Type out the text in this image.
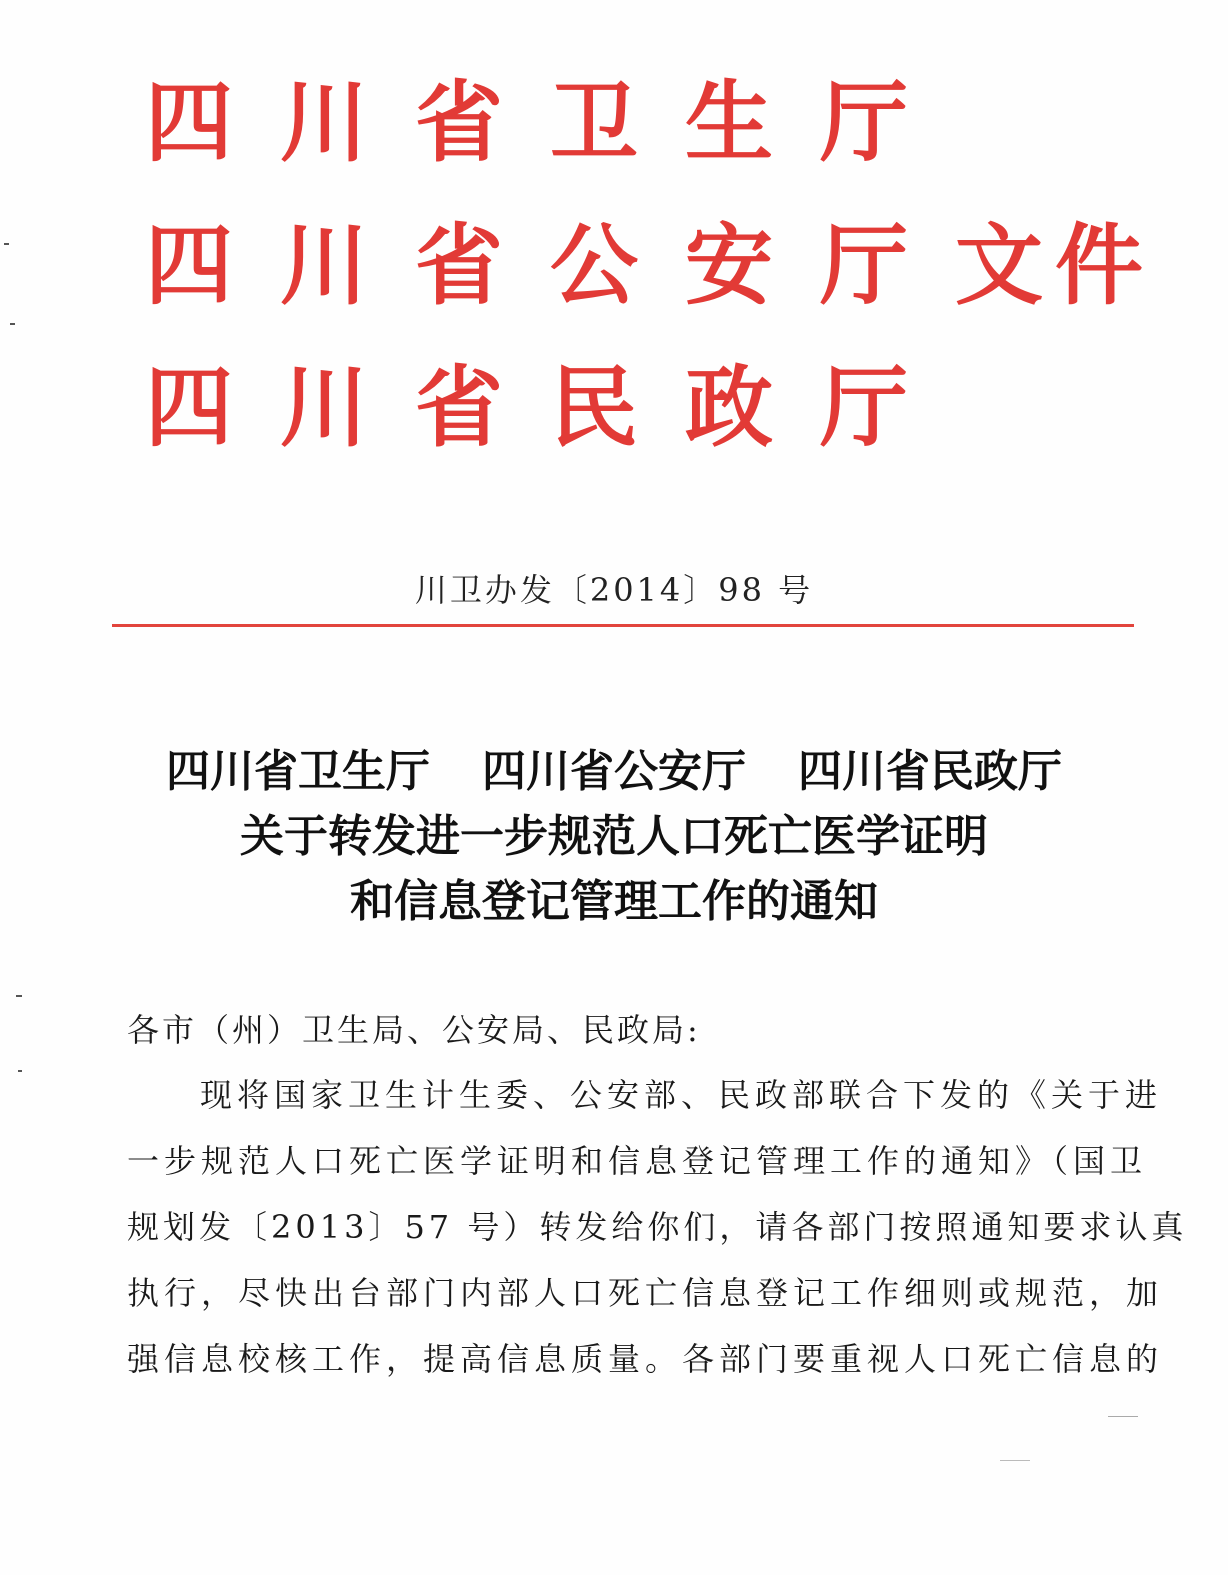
四 川 省 卫 生 厅
四 川 省 公 安 厅 文 件
四 川 省 民 政 厅
川卫办发〔2014〕98 号
四川省卫生厅 四川省公安厅 四川省民政厅
关于转发进一步规范人口死亡医学证明
和信息登记管理工作的通知
各市（州）卫生局、公安局、民政局:
现将国家卫生计生委、公安部、民政部联合下发的《关于进
一步规范人口死亡医学证明和信息登记管理工作的通知》（国卫
规划发〔2013〕57 号）转发给你们，请各部门按照通知要求认真
执行，尽快出台部门内部人口死亡信息登记工作细则或规范，加
强信息校核工作，提高信息质量。各部门要重视人口死亡信息的
